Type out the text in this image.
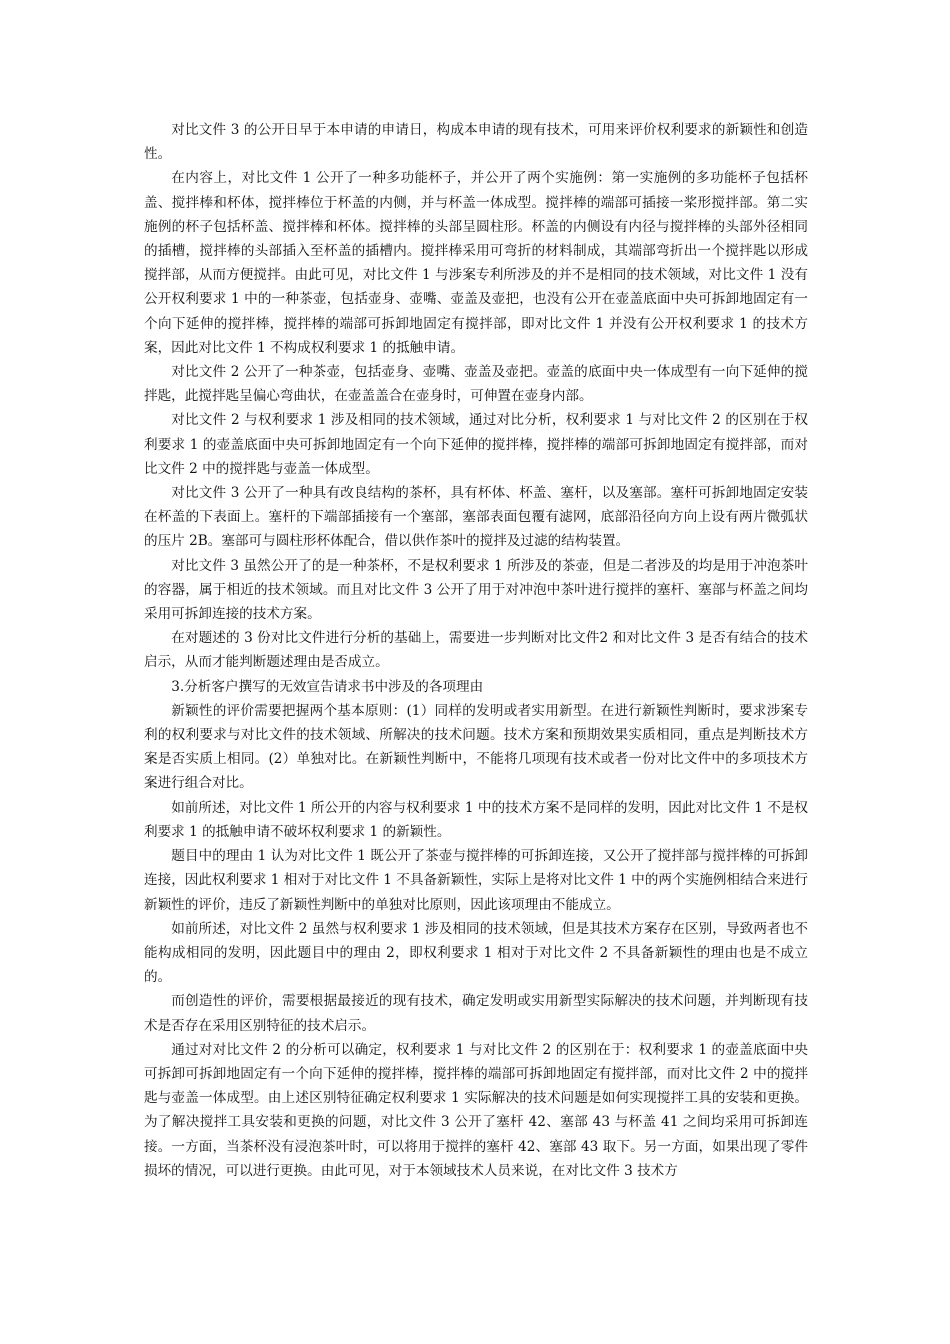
对比文件 3 的公开日早于本申请的申请日，构成本申请的现有技术，可用来评价权利要求的新颖性和创造性。

在内容上，对比文件 1 公开了一种多功能杯子，并公开了两个实施例：第一实施例的多功能杯子包括杯盖、搅拌棒和杯体，搅拌棒位于杯盖的内侧，并与杯盖一体成型。搅拌棒的端部可插接一桨形搅拌部。第二实施例的杯子包括杯盖、搅拌棒和杯体。搅拌棒的头部呈圆柱形。杯盖的内侧设有内径与搅拌棒的头部外径相同的插槽，搅拌棒的头部插入至杯盖的插槽内。搅拌棒采用可弯折的材料制成，其端部弯折出一个搅拌匙以形成搅拌部，从而方便搅拌。由此可见，对比文件 1 与涉案专利所涉及的并不是相同的技术领域，对比文件 1 没有公开权利要求 1 中的一种茶壶，包括壶身、壶嘴、壶盖及壶把，也没有公开在壶盖底面中央可拆卸地固定有一个向下延伸的搅拌棒，搅拌棒的端部可拆卸地固定有搅拌部，即对比文件 1 并没有公开权利要求 1 的技术方案，因此对比文件 1 不构成权利要求 1 的抵触申请。

对比文件 2 公开了一种茶壶，包括壶身、壶嘴、壶盖及壶把。壶盖的底面中央一体成型有一向下延伸的搅拌匙，此搅拌匙呈偏心弯曲状，在壶盖盖合在壶身时，可伸置在壶身内部。

对比文件 2 与权利要求 1 涉及相同的技术领域，通过对比分析，权利要求 1 与对比文件 2 的区别在于权利要求 1 的壶盖底面中央可拆卸地固定有一个向下延伸的搅拌棒，搅拌棒的端部可拆卸地固定有搅拌部，而对比文件 2 中的搅拌匙与壶盖一体成型。

对比文件 3 公开了一种具有改良结构的茶杯，具有杯体、杯盖、塞杆，以及塞部。塞杆可拆卸地固定安装在杯盖的下表面上。塞杆的下端部插接有一个塞部，塞部表面包覆有滤网，底部沿径向方向上设有两片微弧状的压片 2B。塞部可与圆柱形杯体配合，借以供作茶叶的搅拌及过滤的结构装置。

对比文件 3 虽然公开了的是一种茶杯，不是权利要求 1 所涉及的茶壶，但是二者涉及的均是用于冲泡茶叶的容器，属于相近的技术领域。而且对比文件 3 公开了用于对冲泡中茶叶进行搅拌的塞杆、塞部与杯盖之间均采用可拆卸连接的技术方案。

在对题述的 3 份对比文件进行分析的基础上，需要进一步判断对比文件2 和对比文件 3 是否有结合的技术启示，从而才能判断题述理由是否成立。

3.分析客户撰写的无效宣告请求书中涉及的各项理由

新颖性的评价需要把握两个基本原则：(1）同样的发明或者实用新型。在进行新颖性判断时，要求涉案专利的权利要求与对比文件的技术领域、所解决的技术问题。技术方案和预期效果实质相同，重点是判断技术方案是否实质上相同。(2）单独对比。在新颖性判断中，不能将几项现有技术或者一份对比文件中的多项技术方案进行组合对比。

如前所述，对比文件 1 所公开的内容与权利要求 1 中的技术方案不是同样的发明，因此对比文件 1 不是权利要求 1 的抵触申请不破坏权利要求 1 的新颖性。

题目中的理由 1 认为对比文件 1 既公开了茶壶与搅拌棒的可拆卸连接，又公开了搅拌部与搅拌棒的可拆卸连接，因此权利要求 1 相对于对比文件 1 不具备新颖性，实际上是将对比文件 1 中的两个实施例相结合来进行新颖性的评价，违反了新颖性判断中的单独对比原则，因此该项理由不能成立。

如前所述，对比文件 2 虽然与权利要求 1 涉及相同的技术领域，但是其技术方案存在区别，导致两者也不能构成相同的发明，因此题目中的理由 2，即权利要求 1 相对于对比文件 2 不具备新颖性的理由也是不成立的。

而创造性的评价，需要根据最接近的现有技术，确定发明或实用新型实际解决的技术问题，并判断现有技术是否存在采用区别特征的技术启示。

通过对对比文件 2 的分析可以确定，权利要求 1 与对比文件 2 的区别在于：权利要求 1 的壶盖底面中央可拆卸可拆卸地固定有一个向下延伸的搅拌棒，搅拌棒的端部可拆卸地固定有搅拌部，而对比文件 2 中的搅拌匙与壶盖一体成型。由上述区别特征确定权利要求 1 实际解决的技术问题是如何实现搅拌工具的安装和更换。为了解决搅拌工具安装和更换的问题，对比文件 3 公开了塞杆 42、塞部 43 与杯盖 41 之间均采用可拆卸连接。一方面，当茶杯没有浸泡茶叶时，可以将用于搅拌的塞杆 42、塞部 43 取下。另一方面，如果出现了零件损坏的情况，可以进行更换。由此可见，对于本领域技术人员来说，在对比文件 3 技术方
